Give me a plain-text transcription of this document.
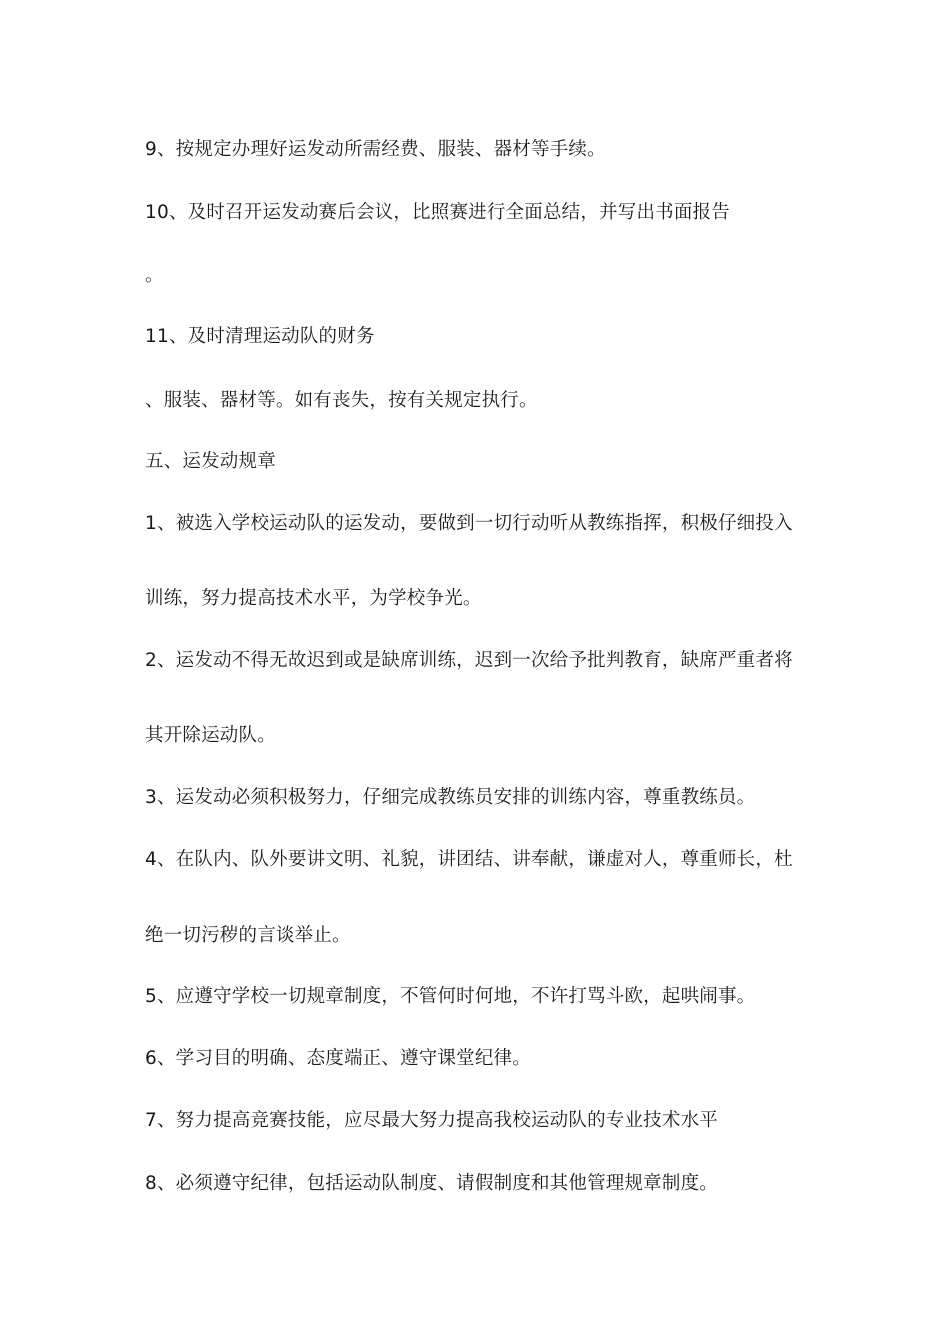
9、按规定办理好运发动所需经费、服装、器材等手续。
10、及时召开运发动赛后会议，比照赛进行全面总结，并写出书面报告
。
11、及时清理运动队的财务
、服装、器材等。如有丧失，按有关规定执行。
五、运发动规章
1、被选入学校运动队的运发动，要做到一切行动听从教练指挥，积极仔细投入
训练，努力提高技术水平，为学校争光。
2、运发动不得无故迟到或是缺席训练，迟到一次给予批判教育，缺席严重者将
其开除运动队。
3、运发动必须积极努力，仔细完成教练员安排的训练内容，尊重教练员。
4、在队内、队外要讲文明、礼貌，讲团结、讲奉献，谦虚对人，尊重师长，杜
绝一切污秽的言谈举止。
5、应遵守学校一切规章制度，不管何时何地，不许打骂斗欧，起哄闹事。
6、学习目的明确、态度端正、遵守课堂纪律。
7、努力提高竞赛技能，应尽最大努力提高我校运动队的专业技术水平
8、必须遵守纪律，包括运动队制度、请假制度和其他管理规章制度。
